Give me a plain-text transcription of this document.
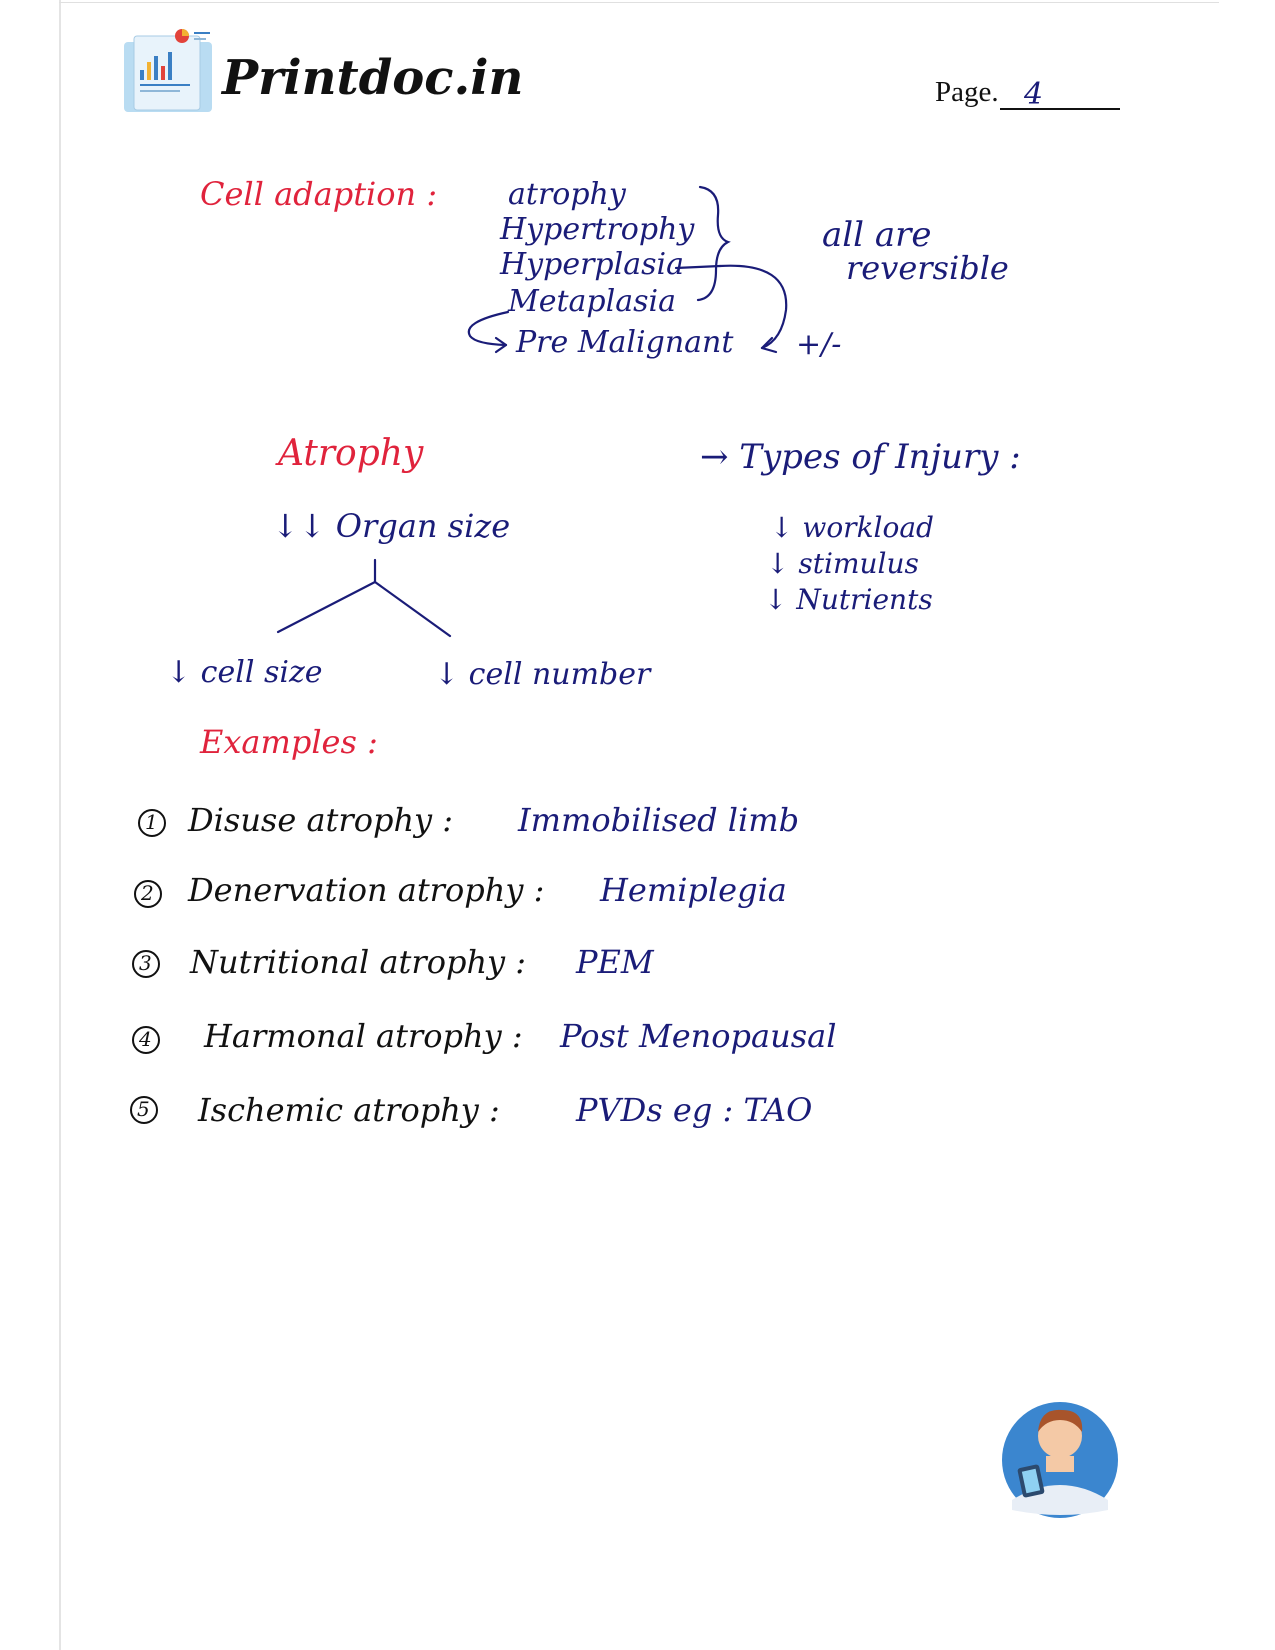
Printdoc.in	Page. 4
Cell adaption : atrophy
Hypertrophy
Hyperplasia
Metaplasia
Pre Malignant +/-
all are
reversible
Atrophy
↓↓ Organ size
↓ cell size	↓ cell number
→ Types of Injury :
↓ workload
↓ stimulus
↓ Nutrients
Examples :
1 Disuse atrophy : Immobilised limb
2 Denervation atrophy : Hemiplegia
3 Nutritional atrophy : PEM
4 Harmonal atrophy : Post Menopausal
5 Ischemic atrophy : PVDs eg : TAO
